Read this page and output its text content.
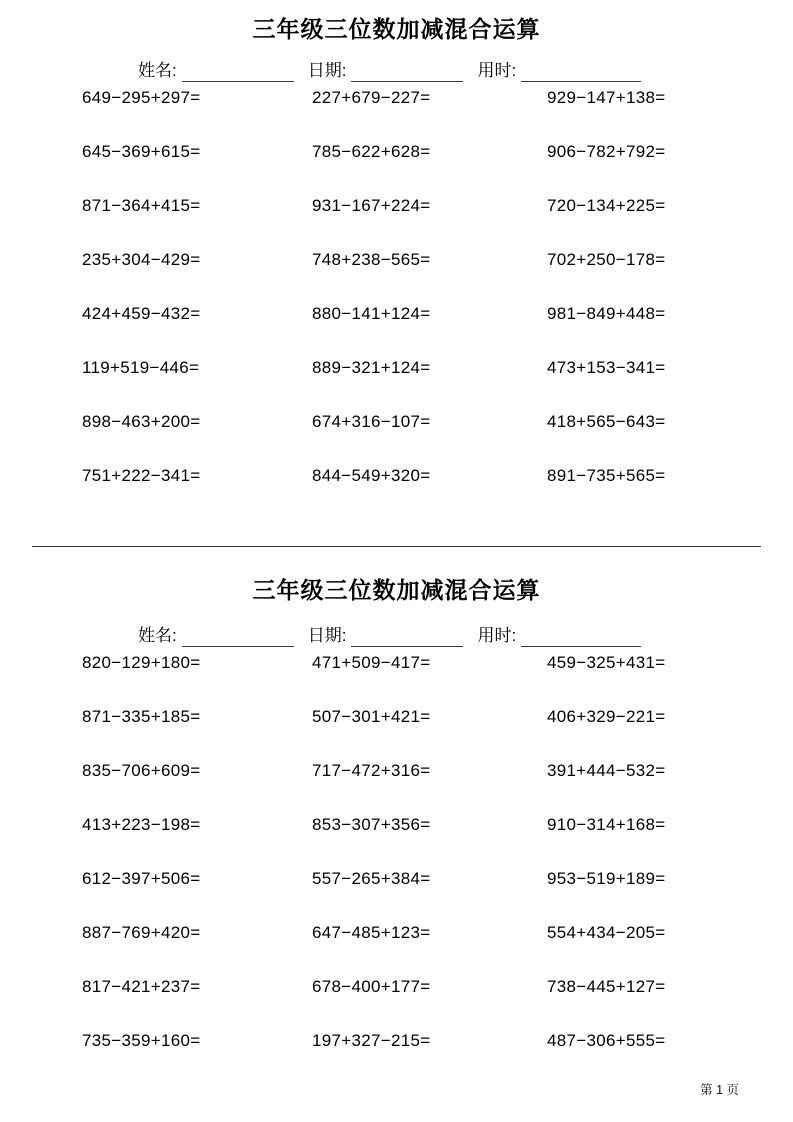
三年级三位数加减混合运算
姓名:	日期:	用时:
649−295+297=	227+679−227=	929−147+138=
645−369+615=	785−622+628=	906−782+792=
871−364+415=	931−167+224=	720−134+225=
235+304−429=	748+238−565=	702+250−178=
424+459−432=	880−141+124=	981−849+448=
119+519−446=	889−321+124=	473+153−341=
898−463+200=	674+316−107=	418+565−643=
751+222−341=	844−549+320=	891−735+565=
三年级三位数加减混合运算
姓名:	日期:	用时:
820−129+180=	471+509−417=	459−325+431=
871−335+185=	507−301+421=	406+329−221=
835−706+609=	717−472+316=	391+444−532=
413+223−198=	853−307+356=	910−314+168=
612−397+506=	557−265+384=	953−519+189=
887−769+420=	647−485+123=	554+434−205=
817−421+237=	678−400+177=	738−445+127=
735−359+160=	197+327−215=	487−306+555=
第 1 页
